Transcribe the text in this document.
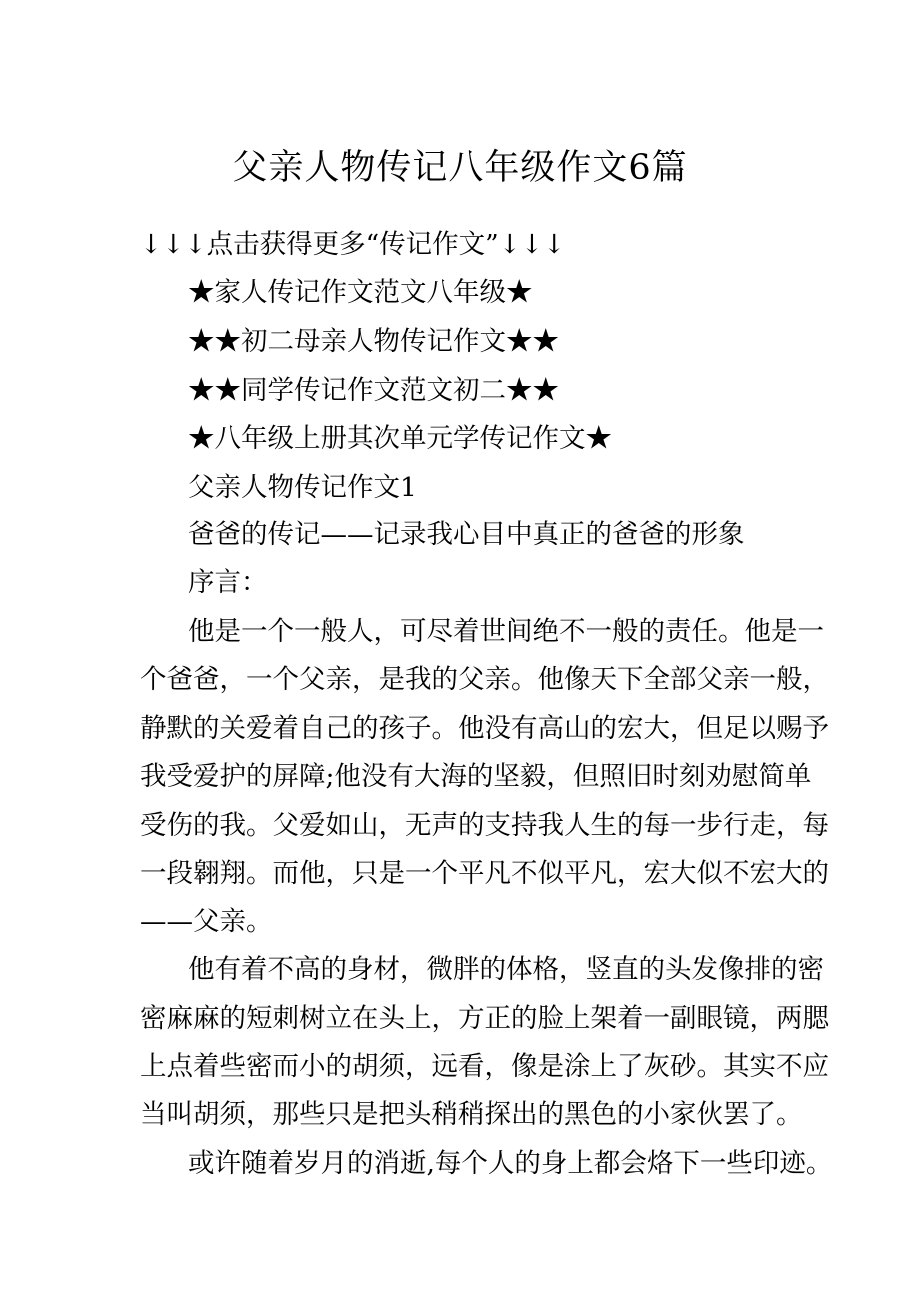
父亲人物传记八年级作文6篇
↓↓↓点击获得更多“传记作文”↓↓↓
★家人传记作文范文八年级★
★★初二母亲人物传记作文★★
★★同学传记作文范文初二★★
★八年级上册其次单元学传记作文★
父亲人物传记作文1
爸爸的传记——记录我心目中真正的爸爸的形象
序言：
他是一个一般人，可尽着世间绝不一般的责任。他是一
个爸爸，一个父亲，是我的父亲。他像天下全部父亲一般，
静默的关爱着自己的孩子。他没有高山的宏大，但足以赐予
我受爱护的屏障;他没有大海的坚毅，但照旧时刻劝慰简单
受伤的我。父爱如山，无声的支持我人生的每一步行走，每
一段翱翔。而他，只是一个平凡不似平凡，宏大似不宏大的
——父亲。
他有着不高的身材，微胖的体格，竖直的头发像排的密
密麻麻的短刺树立在头上，方正的脸上架着一副眼镜，两腮
上点着些密而小的胡须，远看，像是涂上了灰砂。其实不应
当叫胡须，那些只是把头稍稍探出的黑色的小家伙罢了。
或许随着岁月的消逝,每个人的身上都会烙下一些印迹。
